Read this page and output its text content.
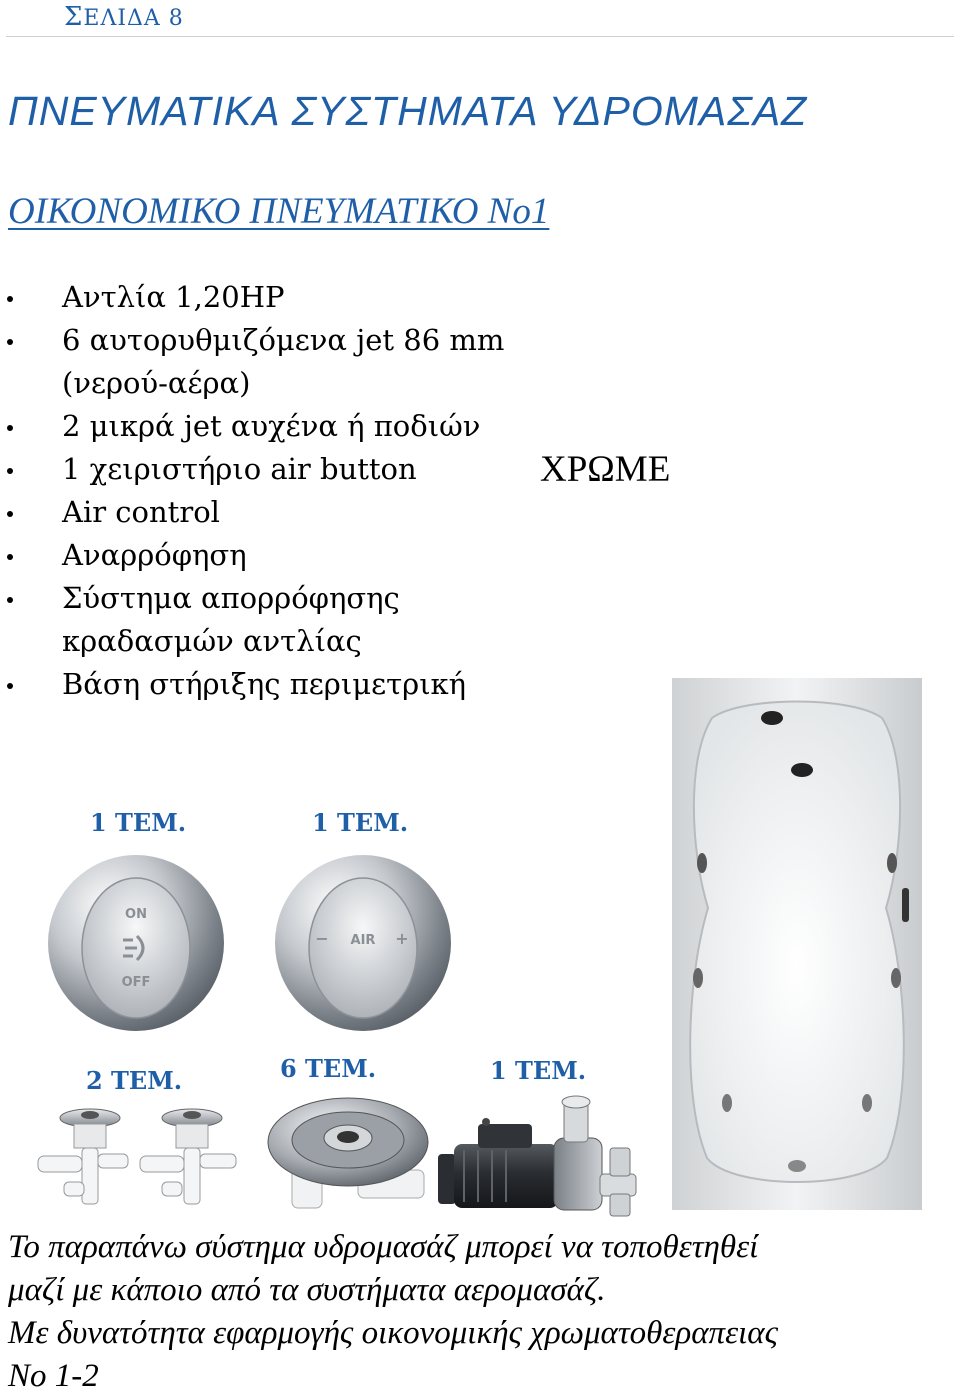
ΣΕΛΙΔΑ 8
ΠΝΕΥΜΑΤΙΚΑ ΣΥΣΤΗΜΑΤΑ ΥΔΡΟΜΑΣΑΖ
ΟΙΚΟΝΟΜΙΚΟ ΠΝΕΥΜΑΤΙΚΟ Νο1
Αντλία 1,20HP
6 αυτορυθμιζόμενα jet 86 mm (νερού-αέρα)
2 μικρά jet αυχένα ή ποδιών
1 χειριστήριο air button
Air control
Αναρρόφηση
Σύστημα απορρόφησης κραδασμών αντλίας
Βάση στήριξης περιμετρική
ΧΡΩΜΕ
1 ΤΕΜ.	1 ΤΕΜ.
2 ΤΕΜ.	6 ΤΕΜ.	1 ΤΕΜ.
ON
OFF
− AIR +
Το παραπάνω σύστημα υδρομασάζ μπορεί να τοποθετηθεί
μαζί με κάποιο από τα συστήματα αερομασάζ.
Με δυνατότητα εφαρμογής οικονομικής χρωματοθεραπειας
Νο 1-2
